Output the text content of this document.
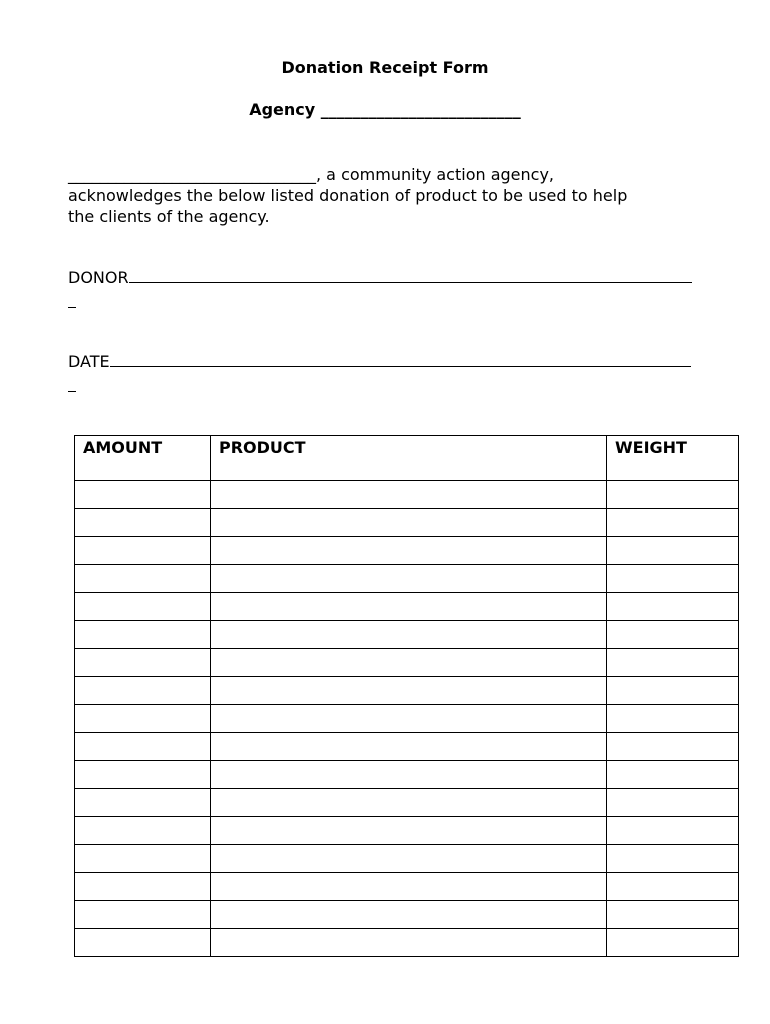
Donation Receipt Form
Agency _________________________
_______________________________, a community action agency,
acknowledges the below listed donation of product to be used to help
the clients of the agency.
DONOR
DATE
AMOUNT	PRODUCT	WEIGHT
